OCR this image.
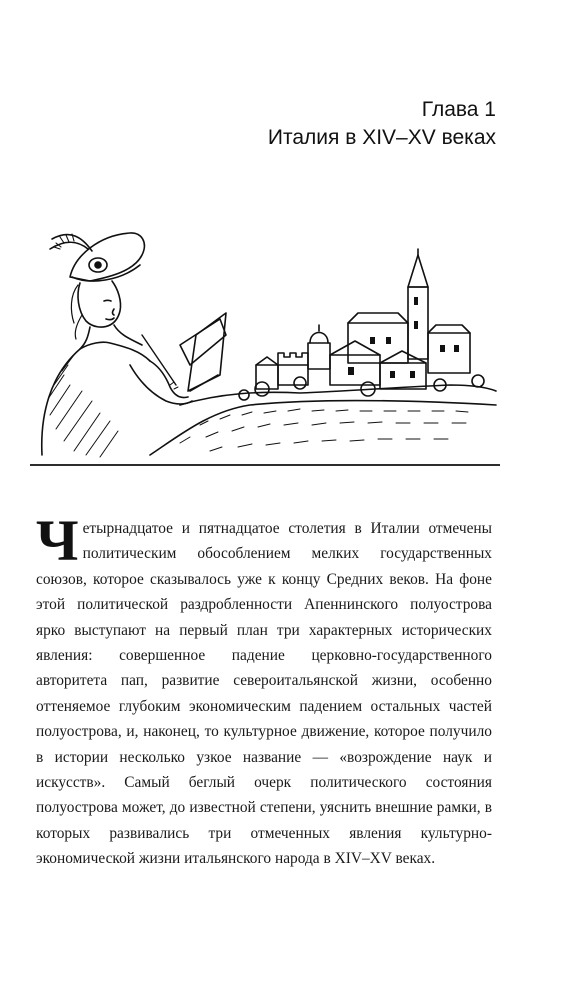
Глава 1
Италия в XIV–XV веках

Четырнадцатое и пятнадцатое столетия в Италии отмечены политическим обособлением мелких государственных союзов, которое сказывалось уже к концу Средних веков. На фоне этой политической раздробленности Апеннинского полуострова ярко выступают на первый план три характерных исторических явления: совершенное падение церковно-государственного авторитета пап, развитие североитальянской жизни, особенно оттеняемое глубоким экономическим падением остальных частей полуострова, и, наконец, то культурное движение, которое получило в истории несколько узкое название — «возрождение наук и искусств». Самый беглый очерк политического состояния полуострова может, до известной степени, уяснить внешние рамки, в которых развивались три отмеченных явления культурно-экономической жизни итальянского народа в XIV–XV веках.
